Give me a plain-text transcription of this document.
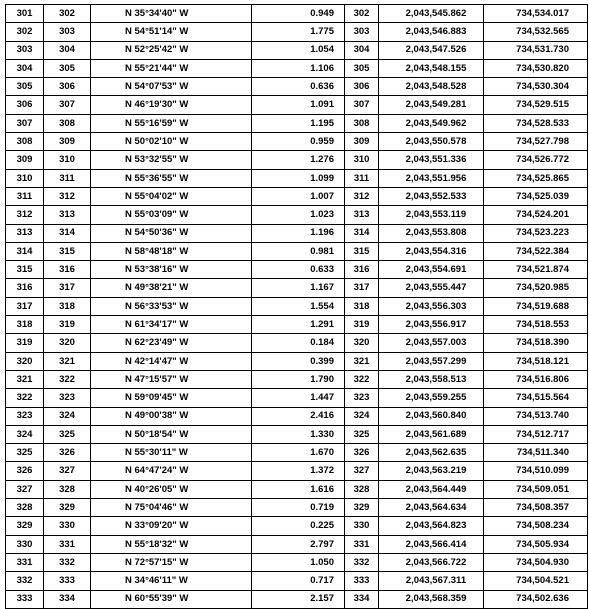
301	302	N 35°34'40" W	0.949	302	2,043,545.862	734,534.017
302	303	N 54°51'14" W	1.775	303	2,043,546.883	734,532.565
303	304	N 52°25'42" W	1.054	304	2,043,547.526	734,531.730
304	305	N 55°21'44" W	1.106	305	2,043,548.155	734,530.820
305	306	N 54°07'53" W	0.636	306	2,043,548.528	734,530.304
306	307	N 46°19'30" W	1.091	307	2,043,549.281	734,529.515
307	308	N 55°16'59" W	1.195	308	2,043,549.962	734,528.533
308	309	N 50°02'10" W	0.959	309	2,043,550.578	734,527.798
309	310	N 53°32'55" W	1.276	310	2,043,551.336	734,526.772
310	311	N 55°36'55" W	1.099	311	2,043,551.956	734,525.865
311	312	N 55°04'02" W	1.007	312	2,043,552.533	734,525.039
312	313	N 55°03'09" W	1.023	313	2,043,553.119	734,524.201
313	314	N 54°50'36" W	1.196	314	2,043,553.808	734,523.223
314	315	N 58°48'18" W	0.981	315	2,043,554.316	734,522.384
315	316	N 53°38'16" W	0.633	316	2,043,554.691	734,521.874
316	317	N 49°38'21" W	1.167	317	2,043,555.447	734,520.985
317	318	N 56°33'53" W	1.554	318	2,043,556.303	734,519.688
318	319	N 61°34'17" W	1.291	319	2,043,556.917	734,518.553
319	320	N 62°23'49" W	0.184	320	2,043,557.003	734,518.390
320	321	N 42°14'47" W	0.399	321	2,043,557.299	734,518.121
321	322	N 47°15'57" W	1.790	322	2,043,558.513	734,516.806
322	323	N 59°09'45" W	1.447	323	2,043,559.255	734,515.564
323	324	N 49°00'38" W	2.416	324	2,043,560.840	734,513.740
324	325	N 50°18'54" W	1.330	325	2,043,561.689	734,512.717
325	326	N 55°30'11" W	1.670	326	2,043,562.635	734,511.340
326	327	N 64°47'24" W	1.372	327	2,043,563.219	734,510.099
327	328	N 40°26'05" W	1.616	328	2,043,564.449	734,509.051
328	329	N 75°04'46" W	0.719	329	2,043,564.634	734,508.357
329	330	N 33°09'20" W	0.225	330	2,043,564.823	734,508.234
330	331	N 55°18'32" W	2.797	331	2,043,566.414	734,505.934
331	332	N 72°57'15" W	1.050	332	2,043,566.722	734,504.930
332	333	N 34°46'11" W	0.717	333	2,043,567.311	734,504.521
333	334	N 60°55'39" W	2.157	334	2,043,568.359	734,502.636
